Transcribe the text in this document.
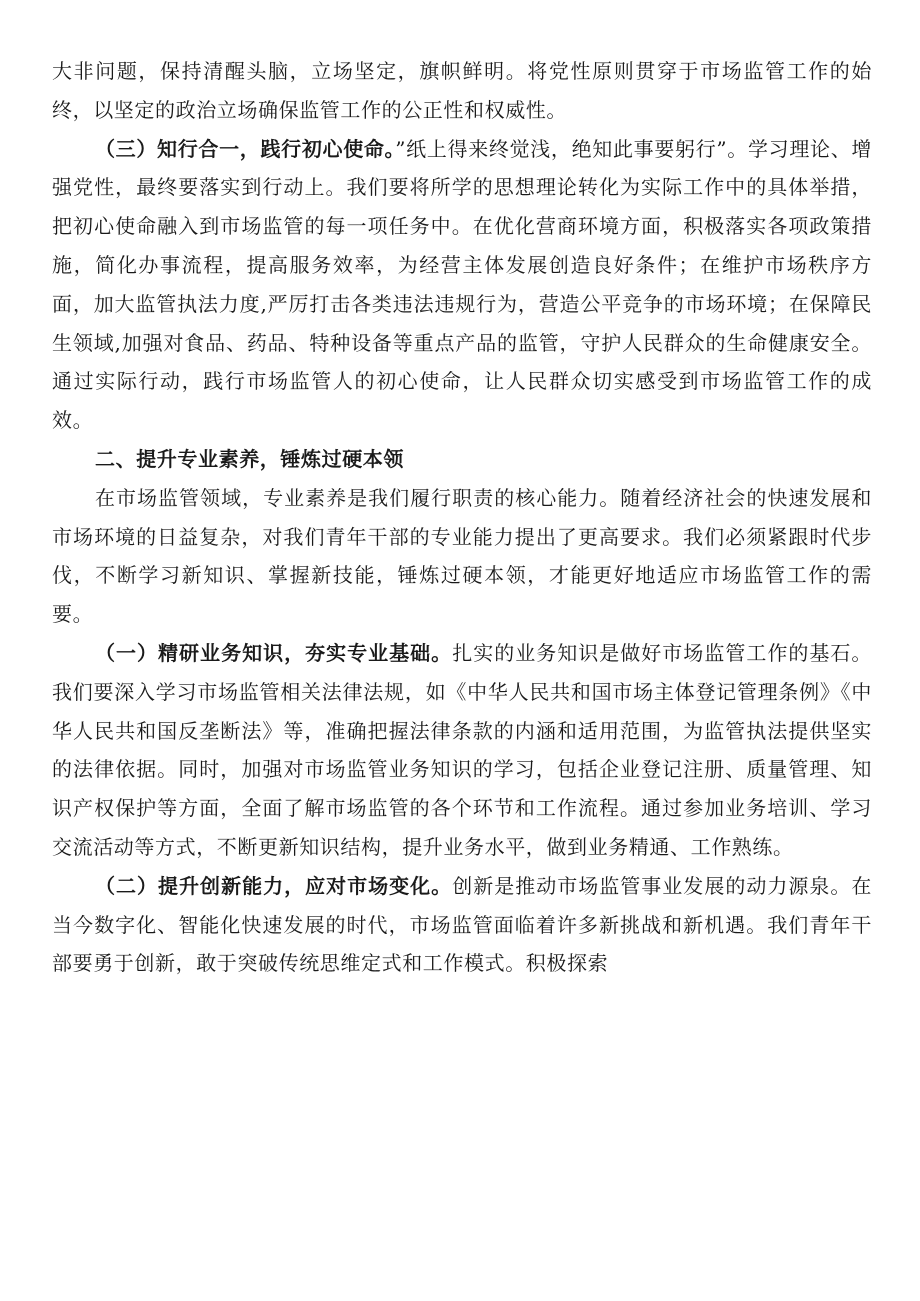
大非问题，保持清醒头脑，立场坚定，旗帜鲜明。将党性原则贯穿于市场监管工作的始终，以坚定的政治立场确保监管工作的公正性和权威性。

（三）知行合一，践行初心使命。”纸上得来终觉浅，绝知此事要躬行”。学习理论、增强党性，最终要落实到行动上。我们要将所学的思想理论转化为实际工作中的具体举措，把初心使命融入到市场监管的每一项任务中。在优化营商环境方面，积极落实各项政策措施，简化办事流程，提高服务效率，为经营主体发展创造良好条件；在维护市场秩序方面，加大监管执法力度,严厉打击各类违法违规行为，营造公平竞争的市场环境；在保障民生领域,加强对食品、药品、特种设备等重点产品的监管，守护人民群众的生命健康安全。通过实际行动，践行市场监管人的初心使命，让人民群众切实感受到市场监管工作的成效。

二、提升专业素养，锤炼过硬本领

在市场监管领域，专业素养是我们履行职责的核心能力。随着经济社会的快速发展和市场环境的日益复杂，对我们青年干部的专业能力提出了更高要求。我们必须紧跟时代步伐，不断学习新知识、掌握新技能，锤炼过硬本领，才能更好地适应市场监管工作的需要。

（一）精研业务知识，夯实专业基础。扎实的业务知识是做好市场监管工作的基石。我们要深入学习市场监管相关法律法规，如《中华人民共和国市场主体登记管理条例》《中华人民共和国反垄断法》等，准确把握法律条款的内涵和适用范围，为监管执法提供坚实的法律依据。同时，加强对市场监管业务知识的学习，包括企业登记注册、质量管理、知识产权保护等方面，全面了解市场监管的各个环节和工作流程。通过参加业务培训、学习交流活动等方式，不断更新知识结构，提升业务水平，做到业务精通、工作熟练。

（二）提升创新能力，应对市场变化。创新是推动市场监管事业发展的动力源泉。在当今数字化、智能化快速发展的时代，市场监管面临着许多新挑战和新机遇。我们青年干部要勇于创新，敢于突破传统思维定式和工作模式。积极探索
